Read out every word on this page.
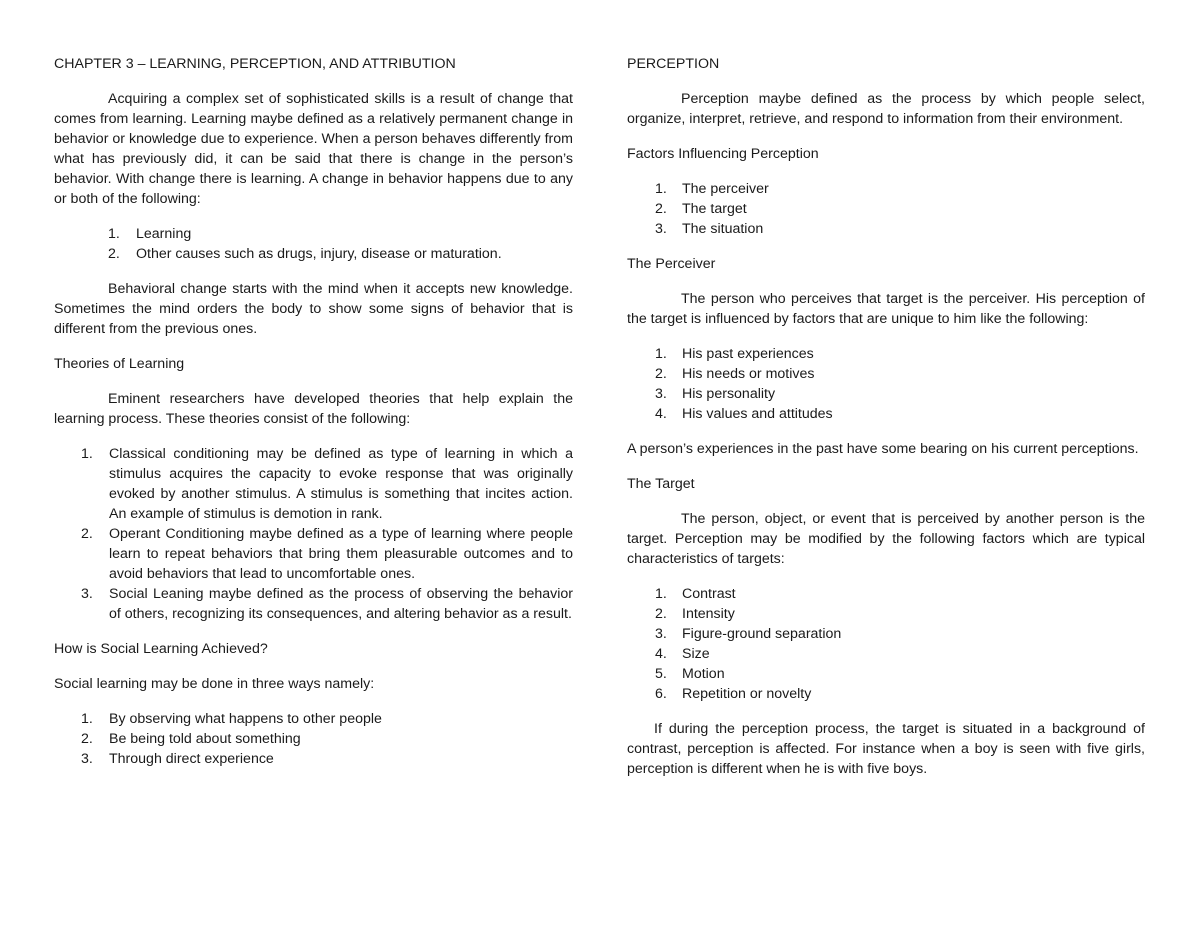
CHAPTER 3 – LEARNING, PERCEPTION, AND ATTRIBUTION

Acquiring a complex set of sophisticated skills is a result of change that comes from learning. Learning maybe defined as a relatively permanent change in behavior or knowledge due to experience. When a person behaves differently from what has previously did, it can be said that there is change in the person’s behavior. With change there is learning. A change in behavior happens due to any or both of the following:

1. Learning
2. Other causes such as drugs, injury, disease or maturation.

Behavioral change starts with the mind when it accepts new knowledge. Sometimes the mind orders the body to show some signs of behavior that is different from the previous ones.

Theories of Learning

Eminent researchers have developed theories that help explain the learning process. These theories consist of the following:

1. Classical conditioning may be defined as type of learning in which a stimulus acquires the capacity to evoke response that was originally evoked by another stimulus. A stimulus is something that incites action. An example of stimulus is demotion in rank.
2. Operant Conditioning maybe defined as a type of learning where people learn to repeat behaviors that bring them pleasurable outcomes and to avoid behaviors that lead to uncomfortable ones.
3. Social Leaning maybe defined as the process of observing the behavior of others, recognizing its consequences, and altering behavior as a result.

How is Social Learning Achieved?

Social learning may be done in three ways namely:

1. By observing what happens to other people
2. Be being told about something
3. Through direct experience

PERCEPTION

Perception maybe defined as the process by which people select, organize, interpret, retrieve, and respond to information from their environment.

Factors Influencing Perception

1. The perceiver
2. The target
3. The situation

The Perceiver

The person who perceives that target is the perceiver. His perception of the target is influenced by factors that are unique to him like the following:

1. His past experiences
2. His needs or motives
3. His personality
4. His values and attitudes

A person’s experiences in the past have some bearing on his current perceptions.

The Target

The person, object, or event that is perceived by another person is the target. Perception may be modified by the following factors which are typical characteristics of targets:

1. Contrast
2. Intensity
3. Figure-ground separation
4. Size
5. Motion
6. Repetition or novelty

If during the perception process, the target is situated in a background of contrast, perception is affected. For instance when a boy is seen with five girls, perception is different when he is with five boys.
